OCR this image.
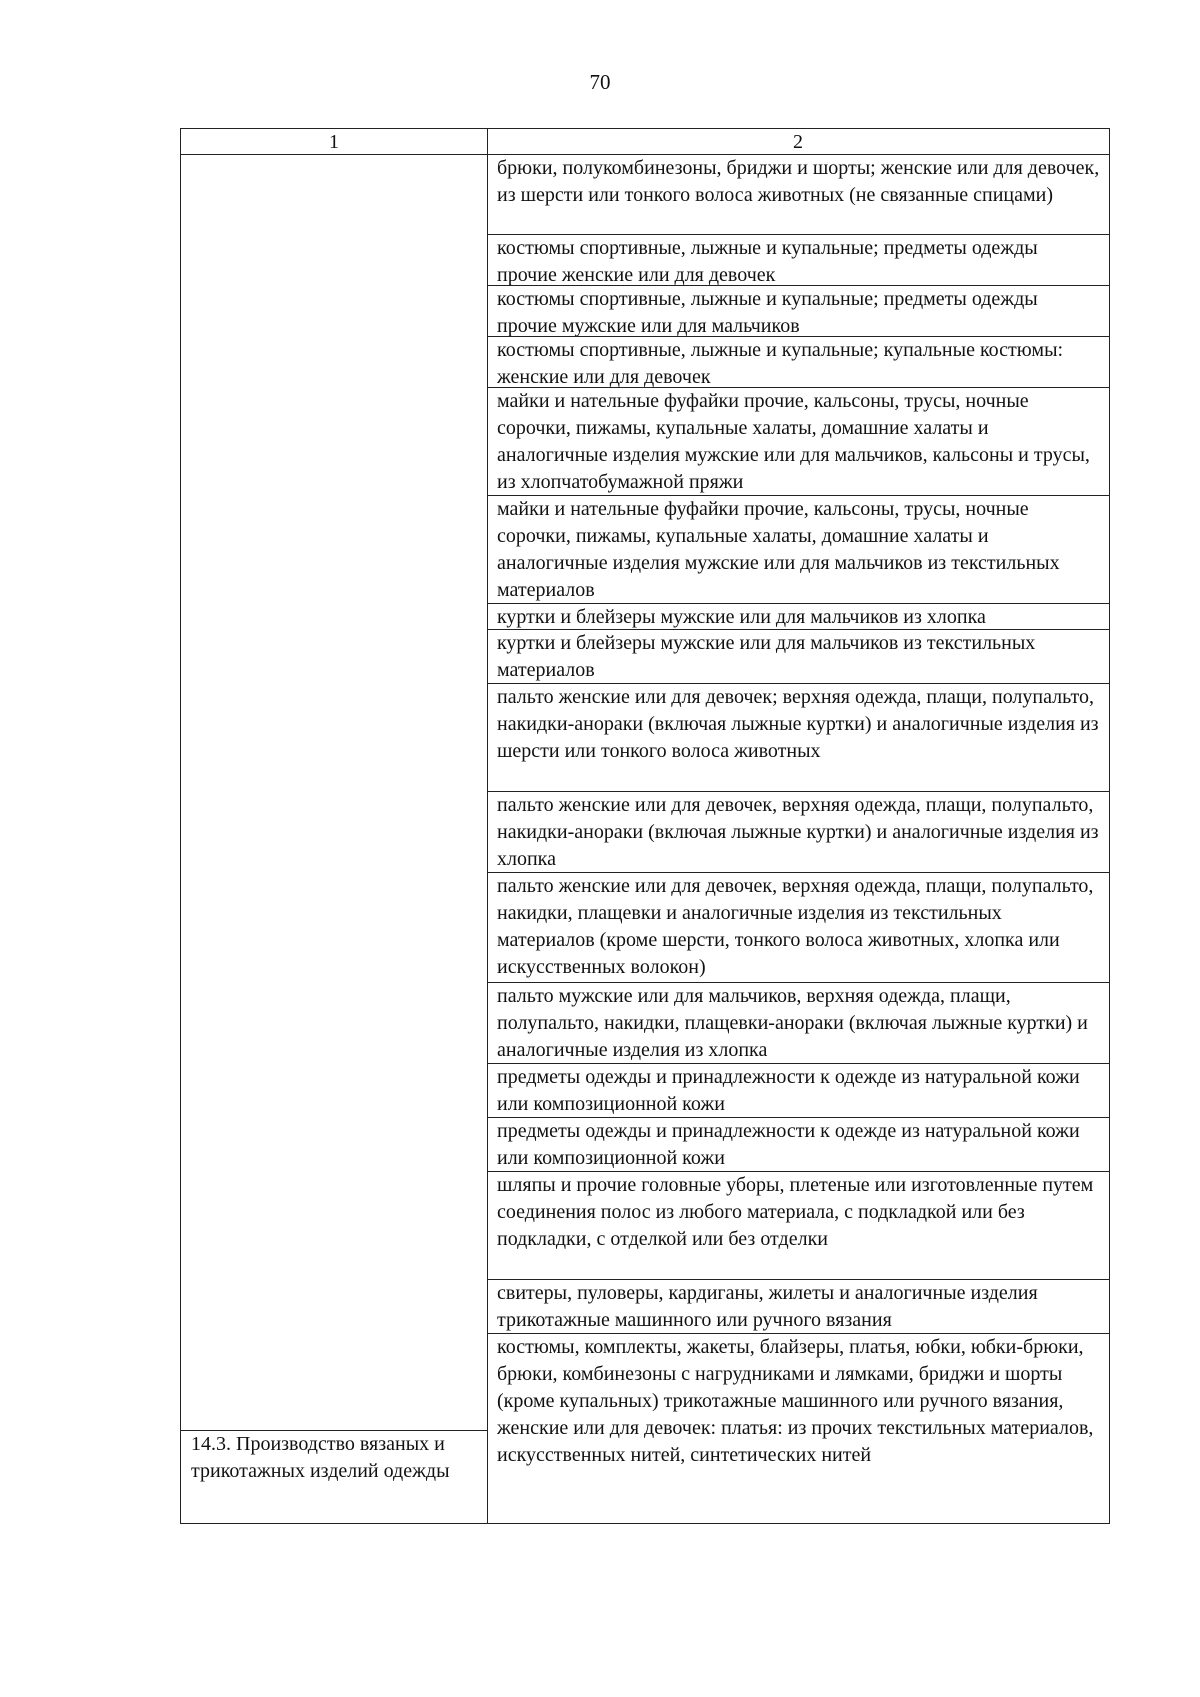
70
1	2
14.3. Производство вязаных и трикотажных изделий одежды
брюки, полукомбинезоны, бриджи и шорты; женские или для девочек, из шерсти или тонкого волоса животных (не связанные спицами)
костюмы спортивные, лыжные и купальные; предметы одежды прочие женские или для девочек
костюмы спортивные, лыжные и купальные; предметы одежды прочие мужские или для мальчиков
костюмы спортивные, лыжные и купальные; купальные костюмы: женские или для девочек
майки и нательные фуфайки прочие, кальсоны, трусы, ночные сорочки, пижамы, купальные халаты, домашние халаты и аналогичные изделия мужские или для мальчиков, кальсоны и трусы, из хлопчатобумажной пряжи
майки и нательные фуфайки прочие, кальсоны, трусы, ночные сорочки, пижамы, купальные халаты, домашние халаты и аналогичные изделия мужские или для мальчиков из текстильных материалов
куртки и блейзеры мужские или для мальчиков из хлопка
куртки и блейзеры мужские или для мальчиков из текстильных материалов
пальто женские или для девочек; верхняя одежда, плащи, полупальто, накидки-анораки (включая лыжные куртки) и аналогичные изделия из шерсти или тонкого волоса животных
пальто женские или для девочек, верхняя одежда, плащи, полупальто, накидки-анораки (включая лыжные куртки) и аналогичные изделия из хлопка
пальто женские или для девочек, верхняя одежда, плащи, полупальто, накидки, плащевки и аналогичные изделия из текстильных материалов (кроме шерсти, тонкого волоса животных, хлопка или искусственных волокон)
пальто мужские или для мальчиков, верхняя одежда, плащи, полупальто, накидки, плащевки-анораки (включая лыжные куртки) и аналогичные изделия из хлопка
предметы одежды и принадлежности к одежде из натуральной кожи или композиционной кожи
предметы одежды и принадлежности к одежде из натуральной кожи или композиционной кожи
шляпы и прочие головные уборы, плетеные или изготовленные путем соединения полос из любого материала, с подкладкой или без подкладки, с отделкой или без отделки
свитеры, пуловеры, кардиганы, жилеты и аналогичные изделия трикотажные машинного или ручного вязания
костюмы, комплекты, жакеты, блайзеры, платья, юбки, юбки-брюки, брюки, комбинезоны с нагрудниками и лямками, бриджи и шорты (кроме купальных) трикотажные машинного или ручного вязания, женские или для девочек: платья: из прочих текстильных материалов, искусственных нитей, синтетических нитей
